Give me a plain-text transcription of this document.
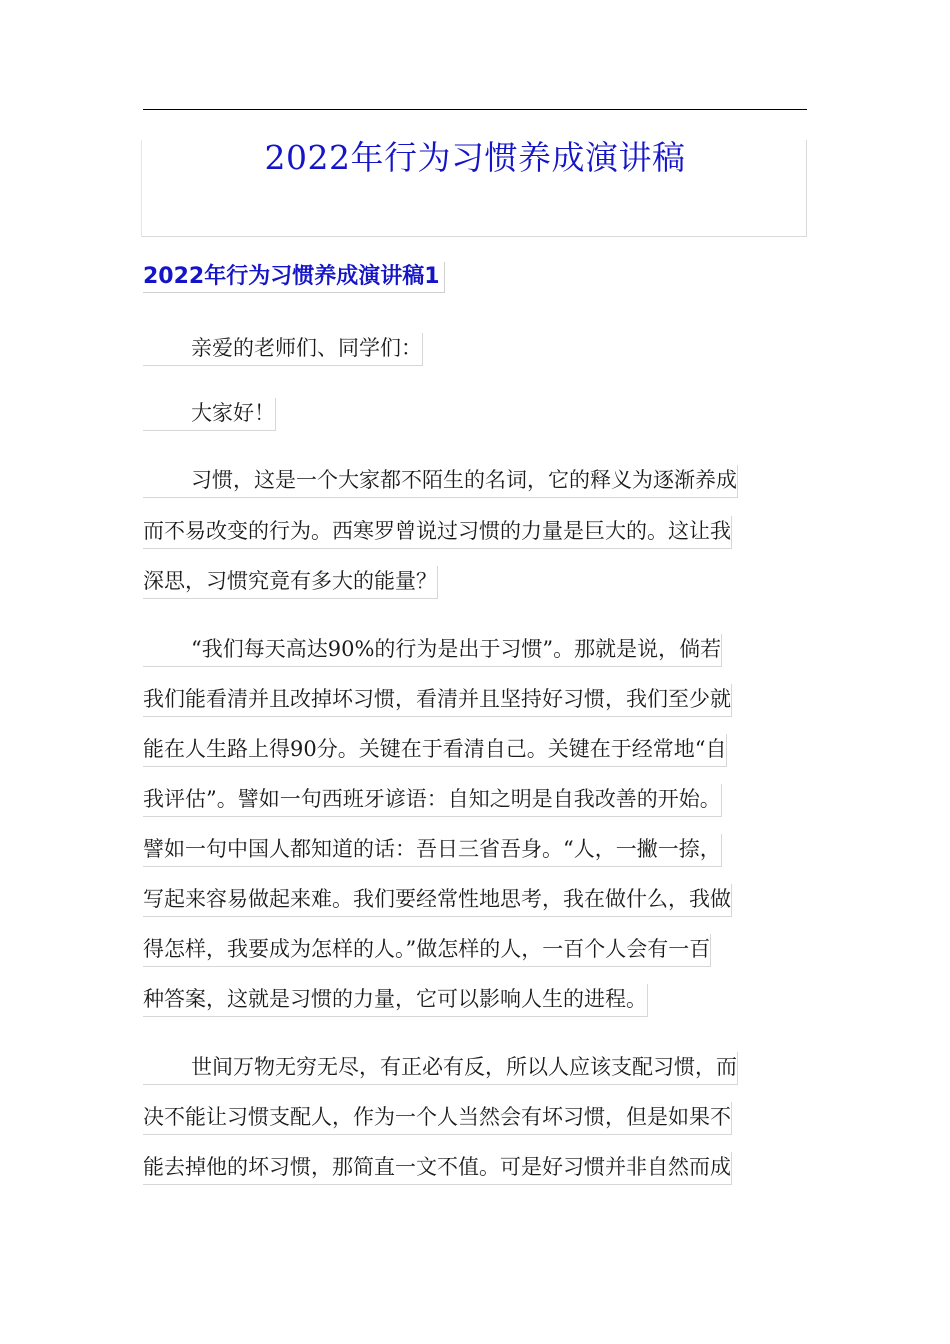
2022年行为习惯养成演讲稿
2022年行为习惯养成演讲稿1
亲爱的老师们、同学们：
大家好！
习惯，这是一个大家都不陌生的名词，它的释义为逐渐养成
而不易改变的行为。西寒罗曾说过习惯的力量是巨大的。这让我
深思，习惯究竟有多大的能量？
“我们每天高达90%的行为是出于习惯”。那就是说，倘若
我们能看清并且改掉坏习惯，看清并且坚持好习惯，我们至少就
能在人生路上得90分。关键在于看清自己。关键在于经常地“自
我评估”。譬如一句西班牙谚语：自知之明是自我改善的开始。
譬如一句中国人都知道的话：吾日三省吾身。“人，一撇一捺，
写起来容易做起来难。我们要经常性地思考，我在做什么，我做
得怎样，我要成为怎样的人。”做怎样的人，一百个人会有一百
种答案，这就是习惯的力量，它可以影响人生的进程。
世间万物无穷无尽，有正必有反，所以人应该支配习惯，而
决不能让习惯支配人，作为一个人当然会有坏习惯，但是如果不
能去掉他的坏习惯，那简直一文不值。可是好习惯并非自然而成
